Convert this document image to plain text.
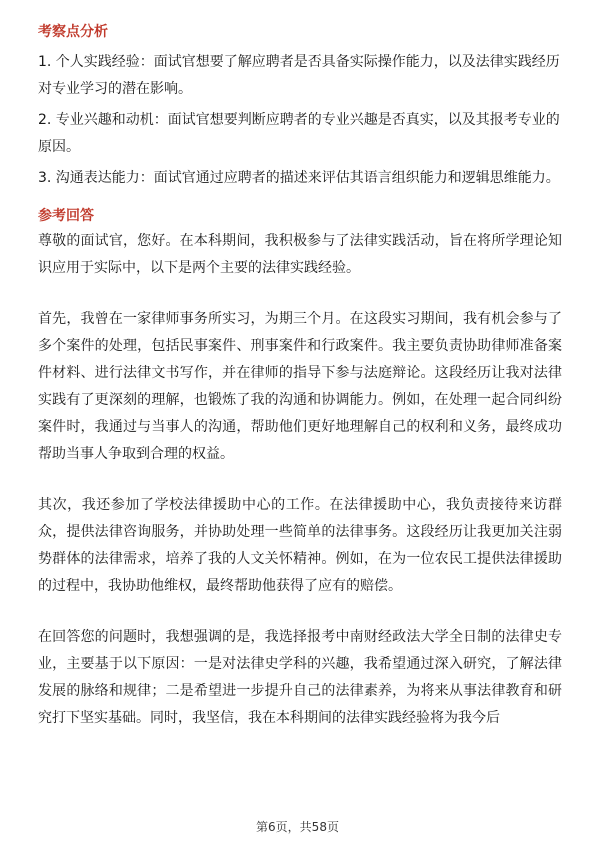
考察点分析
1. 个人实践经验：面试官想要了解应聘者是否具备实际操作能力，以及法律实践经历对专业学习的潜在影响。
2. 专业兴趣和动机：面试官想要判断应聘者的专业兴趣是否真实，以及其报考专业的原因。
3. 沟通表达能力：面试官通过应聘者的描述来评估其语言组织能力和逻辑思维能力。
参考回答

尊敬的面试官，您好。在本科期间，我积极参与了法律实践活动，旨在将所学理论知识应用于实际中，以下是两个主要的法律实践经验。

首先，我曾在一家律师事务所实习，为期三个月。在这段实习期间，我有机会参与了多个案件的处理，包括民事案件、刑事案件和行政案件。我主要负责协助律师准备案件材料、进行法律文书写作，并在律师的指导下参与法庭辩论。这段经历让我对法律实践有了更深刻的理解，也锻炼了我的沟通和协调能力。例如，在处理一起合同纠纷案件时，我通过与当事人的沟通，帮助他们更好地理解自己的权利和义务，最终成功帮助当事人争取到合理的权益。

其次，我还参加了学校法律援助中心的工作。在法律援助中心，我负责接待来访群众，提供法律咨询服务，并协助处理一些简单的法律事务。这段经历让我更加关注弱势群体的法律需求，培养了我的人文关怀精神。例如，在为一位农民工提供法律援助的过程中，我协助他维权，最终帮助他获得了应有的赔偿。

在回答您的问题时，我想强调的是，我选择报考中南财经政法大学全日制的法律史专业，主要基于以下原因：一是对法律史学科的兴趣，我希望通过深入研究，了解法律发展的脉络和规律；二是希望进一步提升自己的法律素养，为将来从事法律教育和研究打下坚实基础。同时，我坚信，我在本科期间的法律实践经验将为我今后

第6页，共58页
